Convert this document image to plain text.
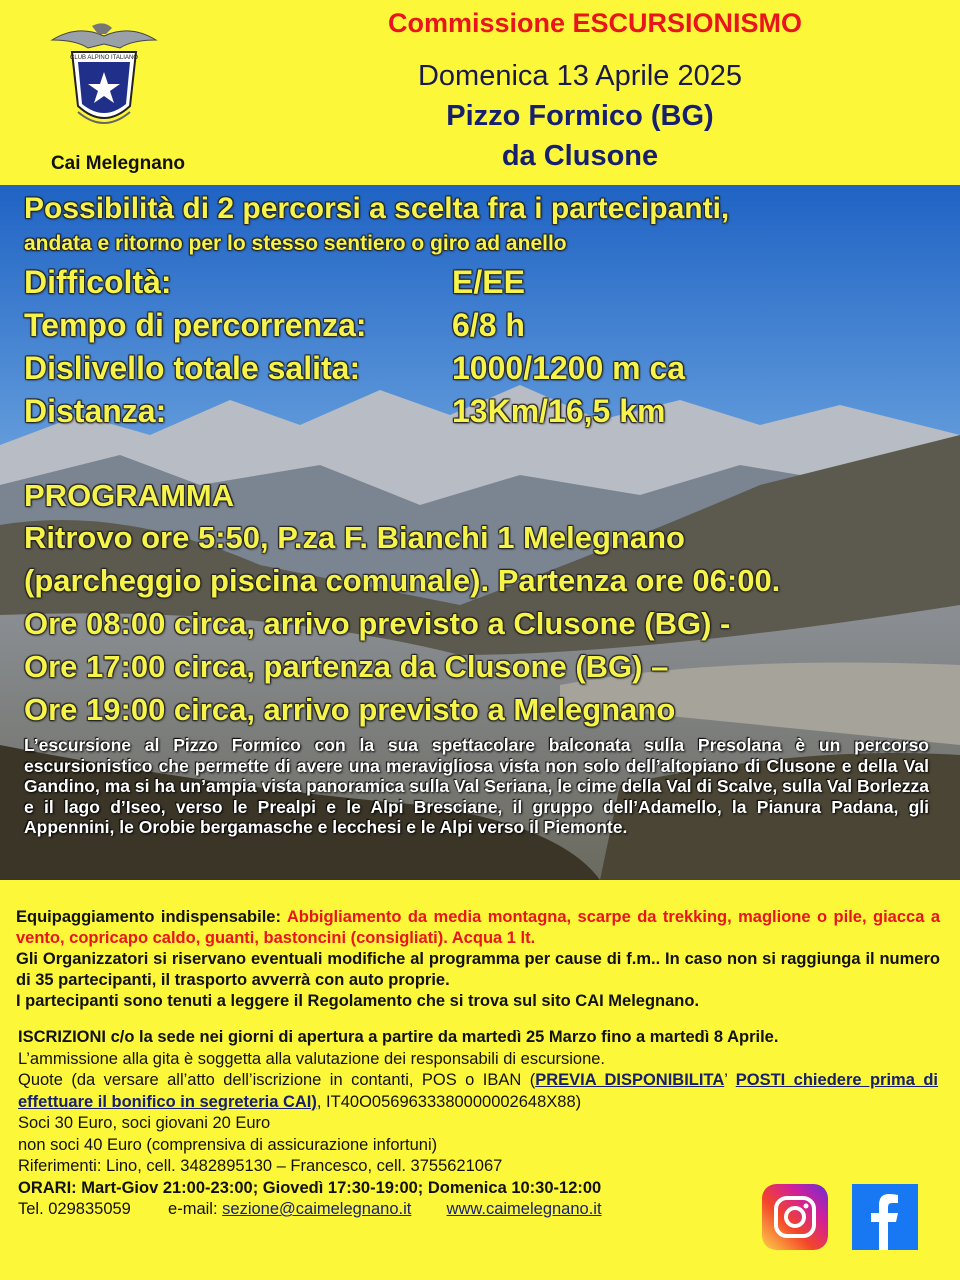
CLUB ALPINO ITALIANO
Cai Melegnano
Commissione ESCURSIONISMO
Domenica 13 Aprile 2025
Pizzo Formico (BG)
da Clusone
Possibilità di 2 percorsi a scelta fra i partecipanti,
andata e ritorno per lo stesso sentiero o giro ad anello
Difficoltà:	E/EE
Tempo di percorrenza:	6/8 h
Dislivello totale salita:	1000/1200 m ca
Distanza:	13Km/16,5 km
PROGRAMMA
Ritrovo ore 5:50, P.za F. Bianchi 1 Melegnano
(parcheggio piscina comunale). Partenza ore 06:00.
Ore 08:00 circa, arrivo previsto a Clusone (BG) -
Ore 17:00 circa, partenza da Clusone (BG) –
Ore 19:00 circa, arrivo previsto a Melegnano
L’escursione al Pizzo Formico con la sua spettacolare balconata sulla Presolana è un percorso escursionistico che permette di avere una meravigliosa vista non solo dell’altopiano di Clusone e della Val Gandino, ma si ha un’ampia vista panoramica sulla Val Seriana, le cime della Val di Scalve, sulla Val Borlezza e il lago d’Iseo, verso le Prealpi e le Alpi Bresciane, il gruppo dell’Adamello, la Pianura Padana, gli Appennini, le Orobie bergamasche e lecchesi e le Alpi verso il Piemonte.
Equipaggiamento indispensabile: Abbigliamento da media montagna, scarpe da trekking, maglione o pile, giacca a vento, copricapo caldo, guanti, bastoncini (consigliati). Acqua 1 lt.
Gli Organizzatori si riservano eventuali modifiche al programma per cause di f.m.. In caso non si raggiunga il numero di 35 partecipanti, il trasporto avverrà con auto proprie.
I partecipanti sono tenuti a leggere il Regolamento che si trova sul sito CAI Melegnano.
ISCRIZIONI c/o la sede nei giorni di apertura a partire da martedì 25 Marzo fino a martedì 8 Aprile.
L’ammissione alla gita è soggetta alla valutazione dei responsabili di escursione.
Quote (da versare all’atto dell’iscrizione in contanti, POS o IBAN (PREVIA DISPONIBILITA’ POSTI chiedere prima di effettuare il bonifico in segreteria CAI), IT40O0569633380000002648X88)
Soci 30 Euro, soci giovani 20 Euro
non soci 40 Euro (comprensiva di assicurazione infortuni)
Riferimenti: Lino, cell. 3482895130 – Francesco, cell. 3755621067
ORARI: Mart-Giov 21:00-23:00; Giovedì 17:30-19:00; Domenica 10:30-12:00
Tel. 029835059 e-mail: sezione@caimelegnano.it www.caimelegnano.it
